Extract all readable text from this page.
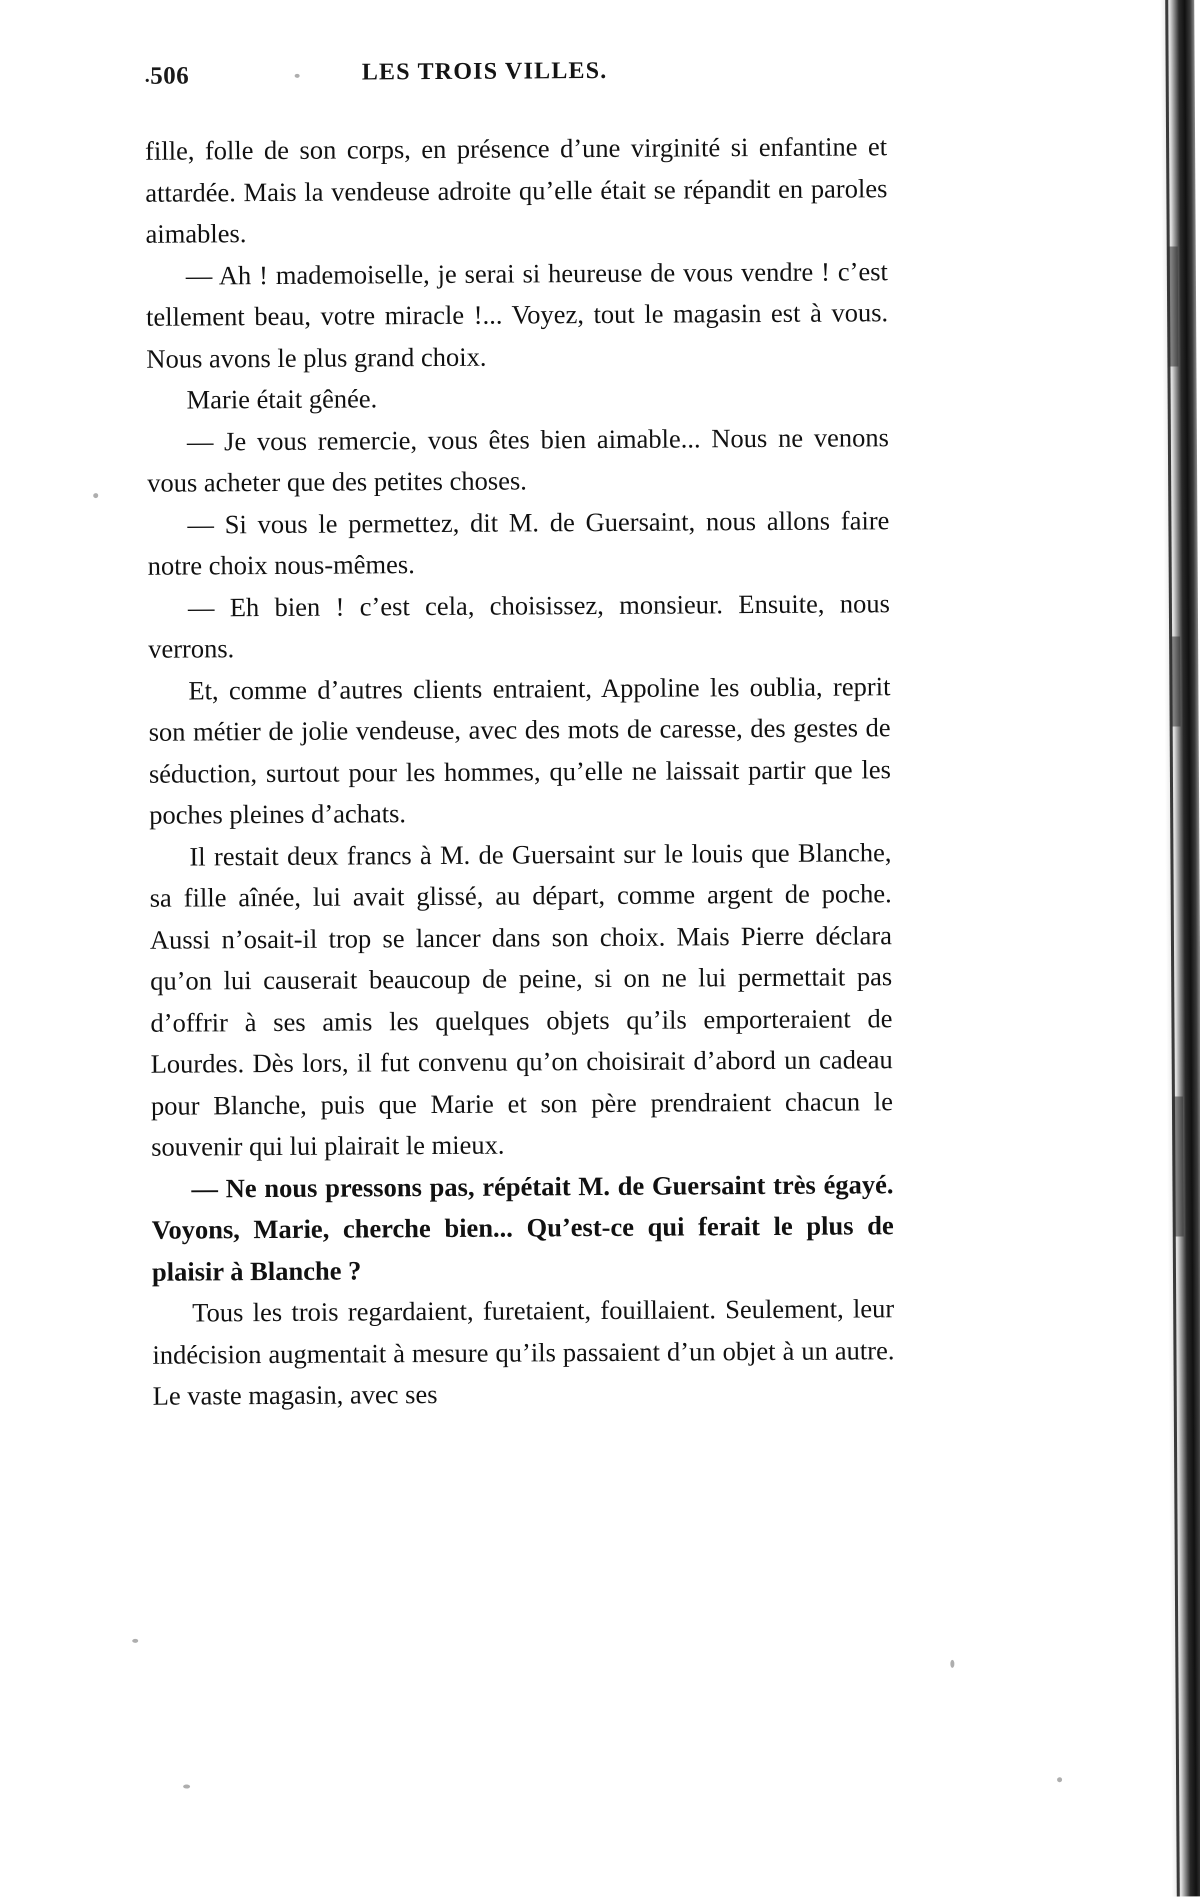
.506	LES TROIS VILLES.

fille, folle de son corps, en présence d’une virginité si enfantine et attardée. Mais la vendeuse adroite qu’elle était se répandit en paroles aimables.

— Ah ! mademoiselle, je serai si heureuse de vous vendre ! c’est tellement beau, votre miracle !... Voyez, tout le magasin est à vous. Nous avons le plus grand choix.

Marie était gênée.

— Je vous remercie, vous êtes bien aimable... Nous ne venons vous acheter que des petites choses.

— Si vous le permettez, dit M. de Guersaint, nous allons faire notre choix nous-mêmes.

— Eh bien ! c’est cela, choisissez, monsieur. Ensuite, nous verrons.

Et, comme d’autres clients entraient, Appoline les oublia, reprit son métier de jolie vendeuse, avec des mots de caresse, des gestes de séduction, surtout pour les hommes, qu’elle ne laissait partir que les poches pleines d’achats.

Il restait deux francs à M. de Guersaint sur le louis que Blanche, sa fille aînée, lui avait glissé, au départ, comme argent de poche. Aussi n’osait-il trop se lancer dans son choix. Mais Pierre déclara qu’on lui causerait beaucoup de peine, si on ne lui permettait pas d’offrir à ses amis les quelques objets qu’ils emporteraient de Lourdes. Dès lors, il fut convenu qu’on choisirait d’abord un cadeau pour Blanche, puis que Marie et son père prendraient chacun le souvenir qui lui plairait le mieux.

— Ne nous pressons pas, répétait M. de Guersaint très égayé. Voyons, Marie, cherche bien... Qu’est-ce qui ferait le plus de plaisir à Blanche ?

Tous les trois regardaient, furetaient, fouillaient. Seulement, leur indécision augmentait à mesure qu’ils passaient d’un objet à un autre. Le vaste magasin, avec ses
